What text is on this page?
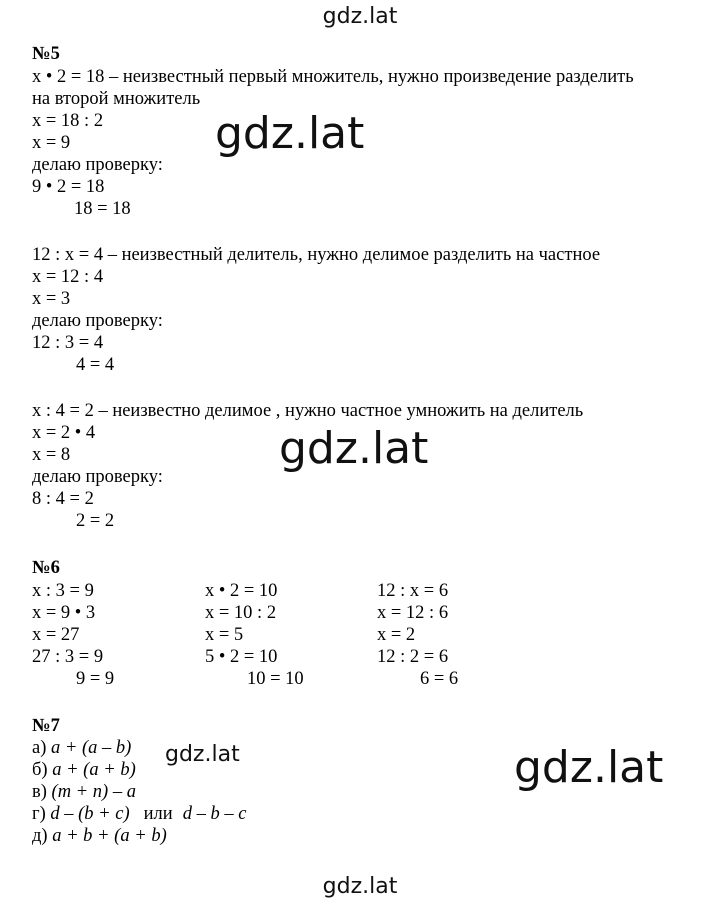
gdz.lat
gdz.lat
gdz.lat
gdz.lat
gdz.lat
gdz.lat
№5
x • 2 = 18 – неизвестный первый множитель, нужно произведение разделить
на второй множитель
x = 18 : 2
x = 9
делаю проверку:
9 • 2 = 18
18 = 18
12 : x = 4 – неизвестный делитель, нужно делимое разделить на частное
x = 12 : 4
x = 3
делаю проверку:
12 : 3 = 4
4 = 4
x : 4 = 2 – неизвестно делимое , нужно частное умножить на делитель
x = 2 • 4
x = 8
делаю проверку:
8 : 4 = 2
2 = 2
№6
x : 3 = 9
x = 9 • 3
x = 27
27 : 3 = 9
9 = 9
x • 2 = 10
x = 10 : 2
x = 5
5 • 2 = 10
10 = 10
12 : x = 6
x = 12 : 6
x = 2
12 : 2 = 6
6 = 6
№7
а) a + (a – b)
б) a + (a + b)
в) (m + n) – a
г) d – (b + c) или d – b – c
д) a + b + (a + b)
